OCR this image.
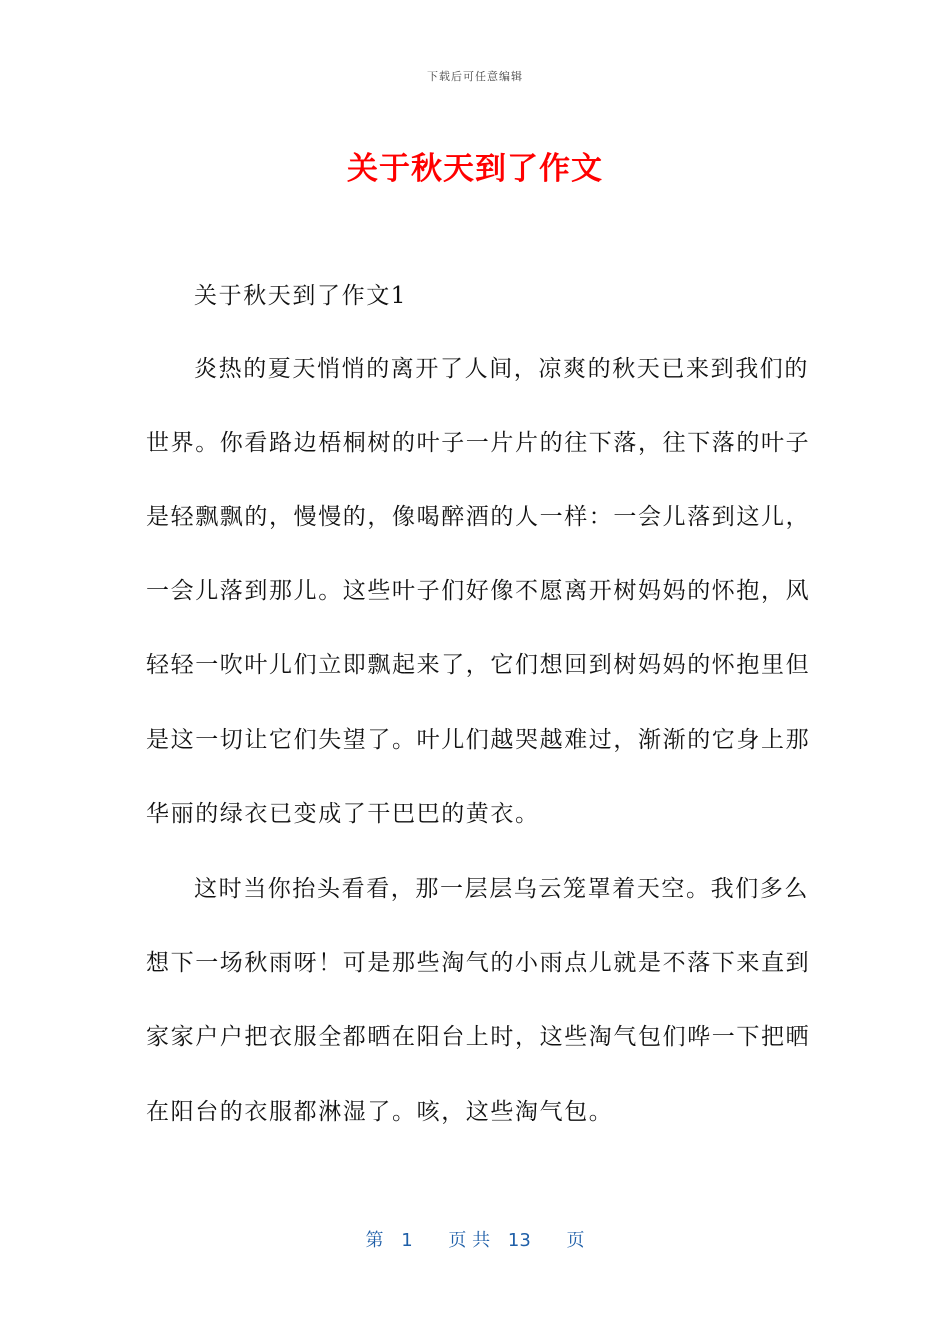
下载后可任意编辑
关于秋天到了作文
关于秋天到了作文1
炎热的夏天悄悄的离开了人间，凉爽的秋天已来到我们的
世界。你看路边梧桐树的叶子一片片的往下落，往下落的叶子
是轻飘飘的，慢慢的，像喝醉酒的人一样：一会儿落到这儿，
一会儿落到那儿。这些叶子们好像不愿离开树妈妈的怀抱，风
轻轻一吹叶儿们立即飘起来了，它们想回到树妈妈的怀抱里但
是这一切让它们失望了。叶儿们越哭越难过，渐渐的它身上那
华丽的绿衣已变成了干巴巴的黄衣。
这时当你抬头看看，那一层层乌云笼罩着天空。我们多么
想下一场秋雨呀！可是那些淘气的小雨点儿就是不落下来直到
家家户户把衣服全都晒在阳台上时，这些淘气包们哗一下把晒
在阳台的衣服都淋湿了。咳，这些淘气包。
第 1 页 共 13 页
